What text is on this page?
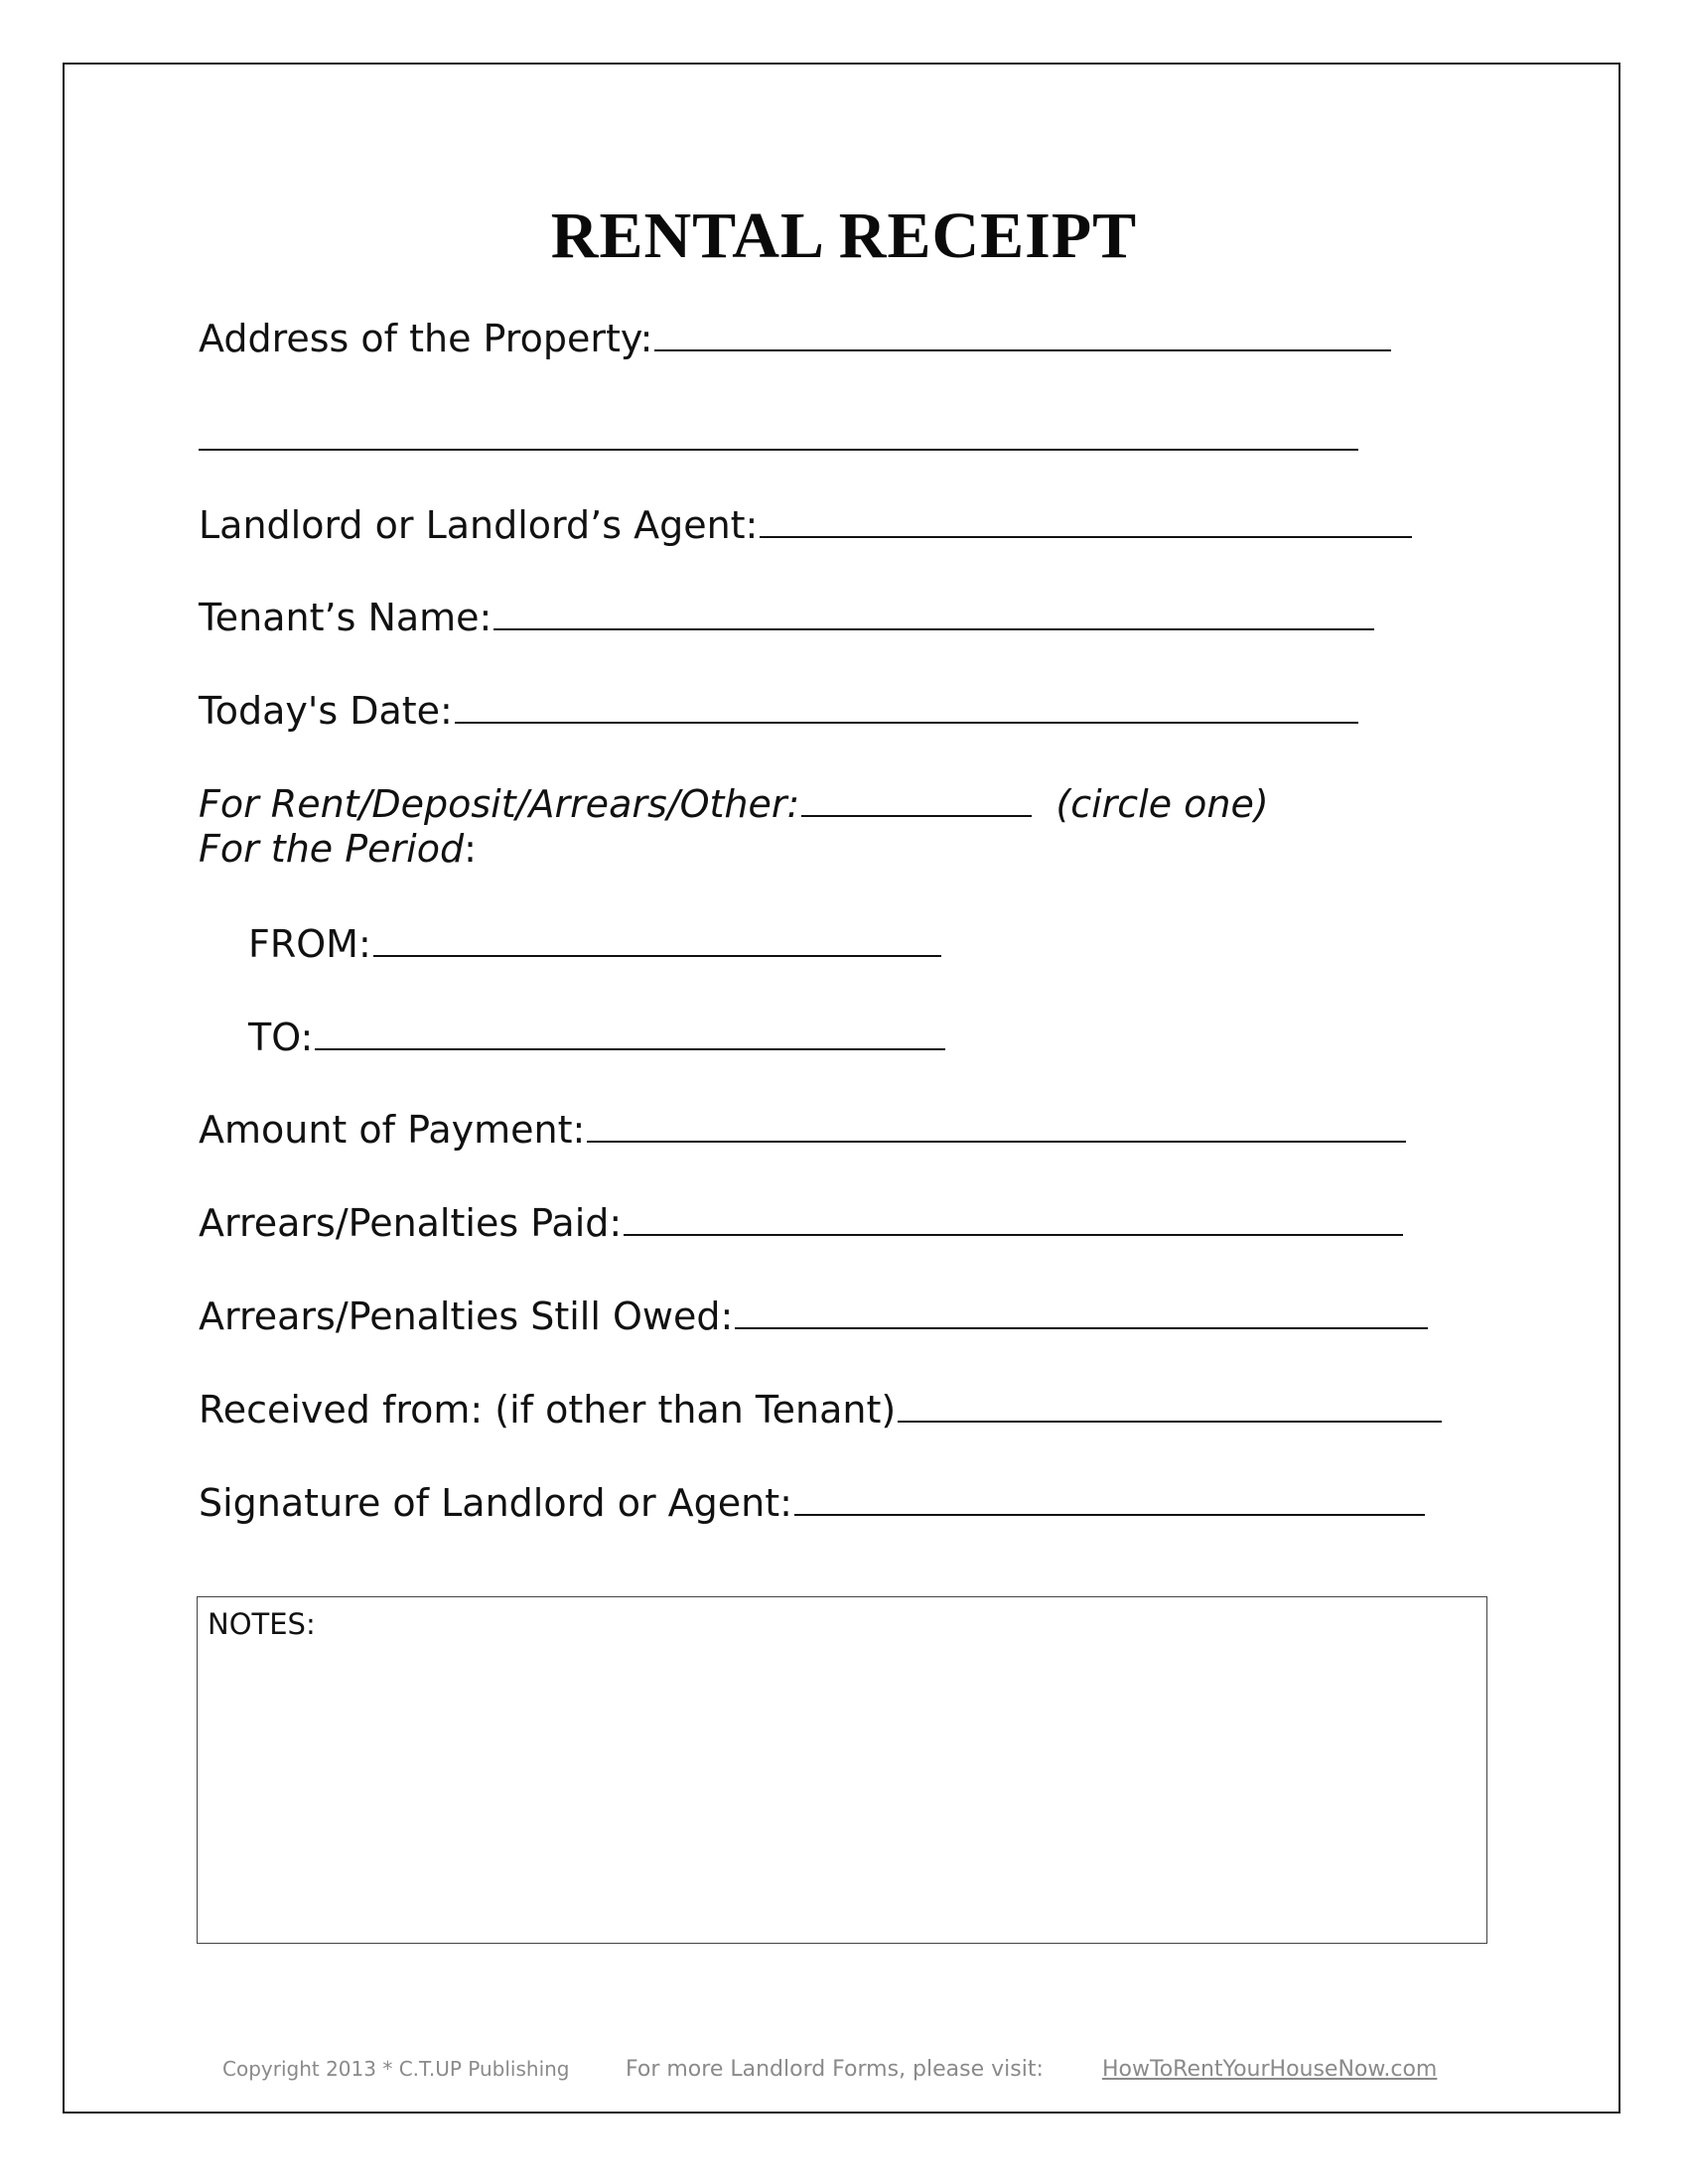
RENTAL RECEIPT
Address of the Property:
Landlord or Landlord’s Agent:
Tenant’s Name:
Today's Date:
For Rent/Deposit/Arrears/Other:	(circle one)
For the Period:
FROM:
TO:
Amount of Payment:
Arrears/Penalties Paid:
Arrears/Penalties Still Owed:
Received from: (if other than Tenant)
Signature of Landlord or Agent:
NOTES:
Copyright 2013 * C.T.UP Publishing	For more Landlord Forms, please visit:	HowToRentYourHouseNow.com
